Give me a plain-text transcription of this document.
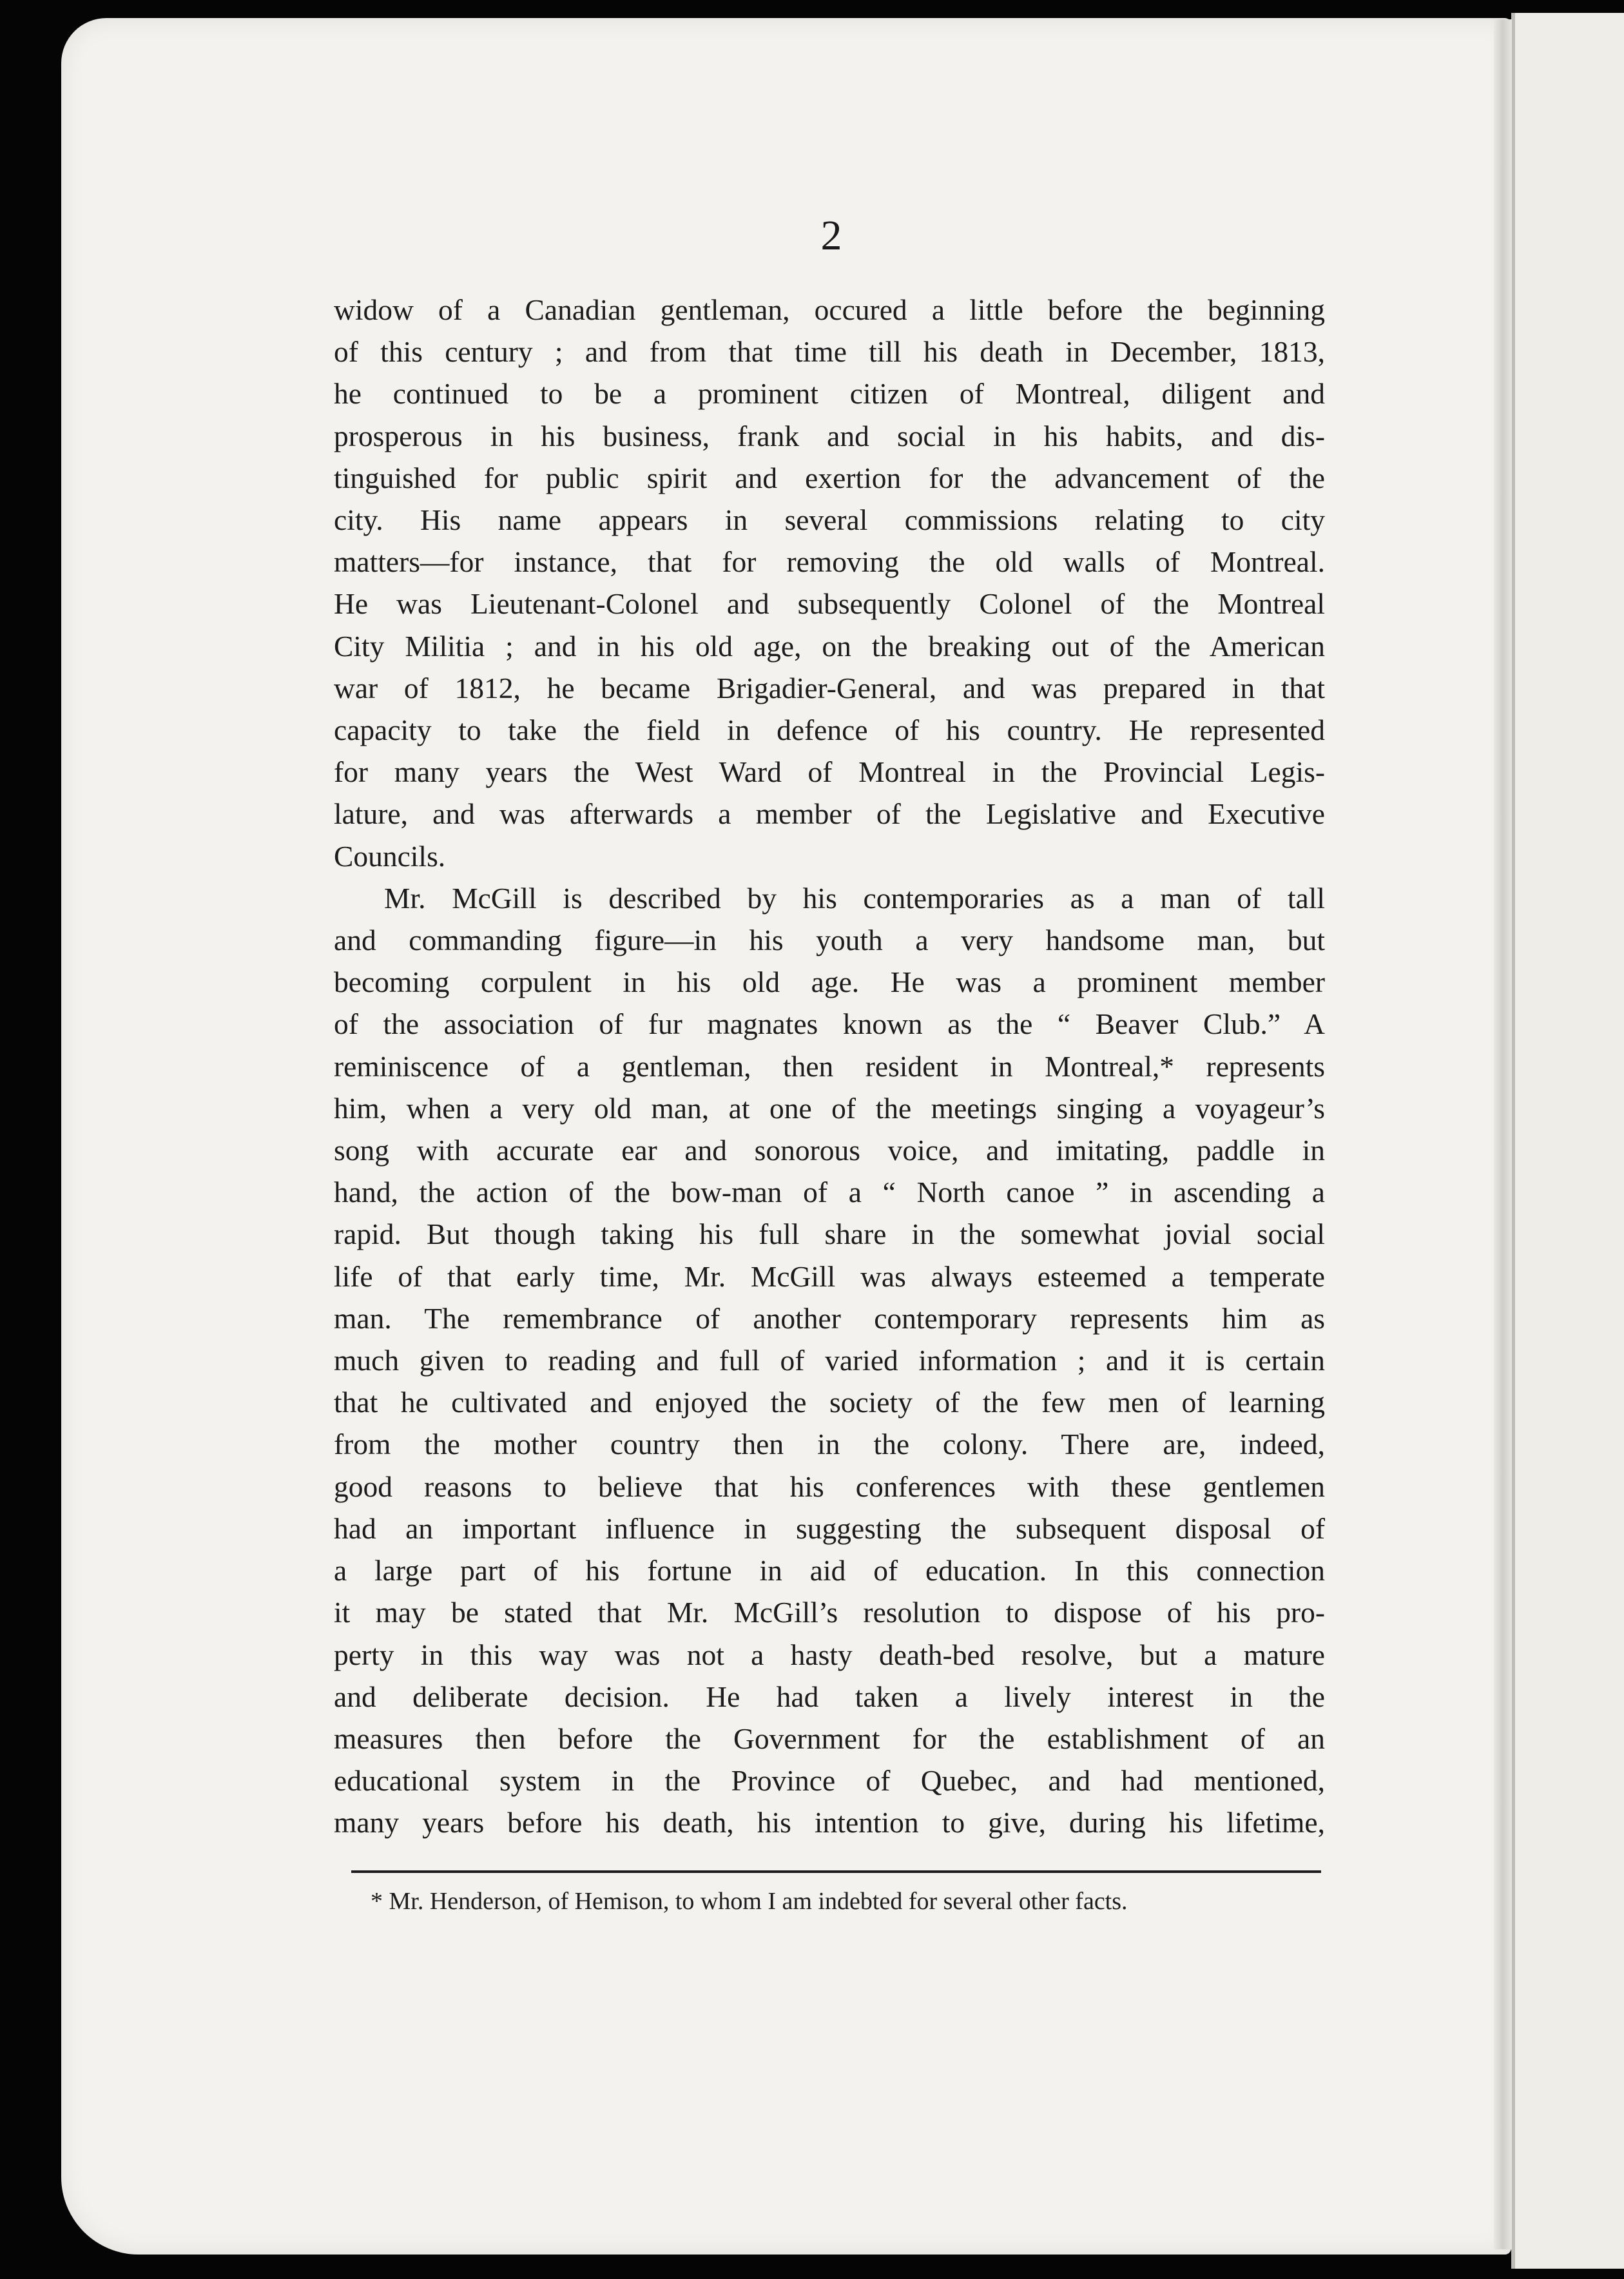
2
widow of a Canadian gentleman, occured a little before the beginning
of this century ; and from that time till his death in December, 1813,
he continued to be a prominent citizen of Montreal, diligent and
prosperous in his business, frank and social in his habits, and dis-
tinguished for public spirit and exertion for the advancement of the
city. His name appears in several commissions relating to city
matters—for instance, that for removing the old walls of Montreal.
He was Lieutenant-Colonel and subsequently Colonel of the Montreal
City Militia ; and in his old age, on the breaking out of the American
war of 1812, he became Brigadier-General, and was prepared in that
capacity to take the field in defence of his country. He represented
for many years the West Ward of Montreal in the Provincial Legis-
lature, and was afterwards a member of the Legislative and Executive
Councils.
Mr. McGill is described by his contemporaries as a man of tall
and commanding figure—in his youth a very handsome man, but
becoming corpulent in his old age. He was a prominent member
of the association of fur magnates known as the “ Beaver Club.” A
reminiscence of a gentleman, then resident in Montreal,* represents
him, when a very old man, at one of the meetings singing a voyageur’s
song with accurate ear and sonorous voice, and imitating, paddle in
hand, the action of the bow-man of a “ North canoe ” in ascending a
rapid. But though taking his full share in the somewhat jovial social
life of that early time, Mr. McGill was always esteemed a temperate
man. The remembrance of another contemporary represents him as
much given to reading and full of varied information ; and it is certain
that he cultivated and enjoyed the society of the few men of learning
from the mother country then in the colony. There are, indeed,
good reasons to believe that his conferences with these gentlemen
had an important influence in suggesting the subsequent disposal of
a large part of his fortune in aid of education. In this connection
it may be stated that Mr. McGill’s resolution to dispose of his pro-
perty in this way was not a hasty death-bed resolve, but a mature
and deliberate decision. He had taken a lively interest in the
measures then before the Government for the establishment of an
educational system in the Province of Quebec, and had mentioned,
many years before his death, his intention to give, during his lifetime,
* Mr. Henderson, of Hemison, to whom I am indebted for several other facts.
